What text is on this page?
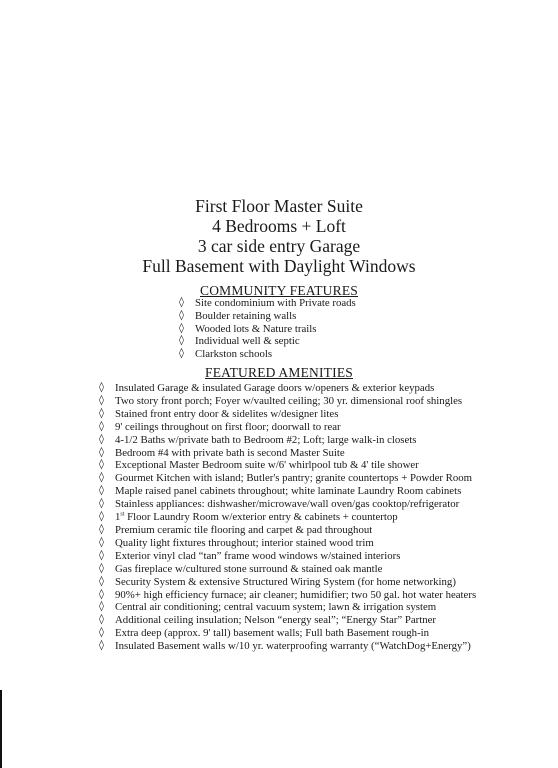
First Floor Master Suite
4 Bedrooms + Loft
3 car side entry Garage
Full Basement with Daylight Windows
COMMUNITY FEATURES
◊ Site condominium with Private roads
◊ Boulder retaining walls
◊ Wooded lots & Nature trails
◊ Individual well & septic
◊ Clarkston schools
FEATURED AMENITIES
◊ Insulated Garage & insulated Garage doors w/openers & exterior keypads
◊ Two story front porch; Foyer w/vaulted ceiling; 30 yr. dimensional roof shingles
◊ Stained front entry door & sidelites w/designer lites
◊ 9' ceilings throughout on first floor; doorwall to rear
◊ 4-1/2 Baths w/private bath to Bedroom #2; Loft; large walk-in closets
◊ Bedroom #4 with private bath is second Master Suite
◊ Exceptional Master Bedroom suite w/6' whirlpool tub & 4' tile shower
◊ Gourmet Kitchen with island; Butler's pantry; granite countertops + Powder Room
◊ Maple raised panel cabinets throughout; white laminate Laundry Room cabinets
◊ Stainless appliances: dishwasher/microwave/wall oven/gas cooktop/refrigerator
◊ 1st Floor Laundry Room w/exterior entry & cabinets + countertop
◊ Premium ceramic tile flooring and carpet & pad throughout
◊ Quality light fixtures throughout; interior stained wood trim
◊ Exterior vinyl clad “tan” frame wood windows w/stained interiors
◊ Gas fireplace w/cultured stone surround & stained oak mantle
◊ Security System & extensive Structured Wiring System (for home networking)
◊ 90%+ high efficiency furnace; air cleaner; humidifier; two 50 gal. hot water heaters
◊ Central air conditioning; central vacuum system; lawn & irrigation system
◊ Additional ceiling insulation; Nelson “energy seal”; “Energy Star” Partner
◊ Extra deep (approx. 9' tall) basement walls; Full bath Basement rough-in
◊ Insulated Basement walls w/10 yr. waterproofing warranty (“WatchDog+Energy”)
